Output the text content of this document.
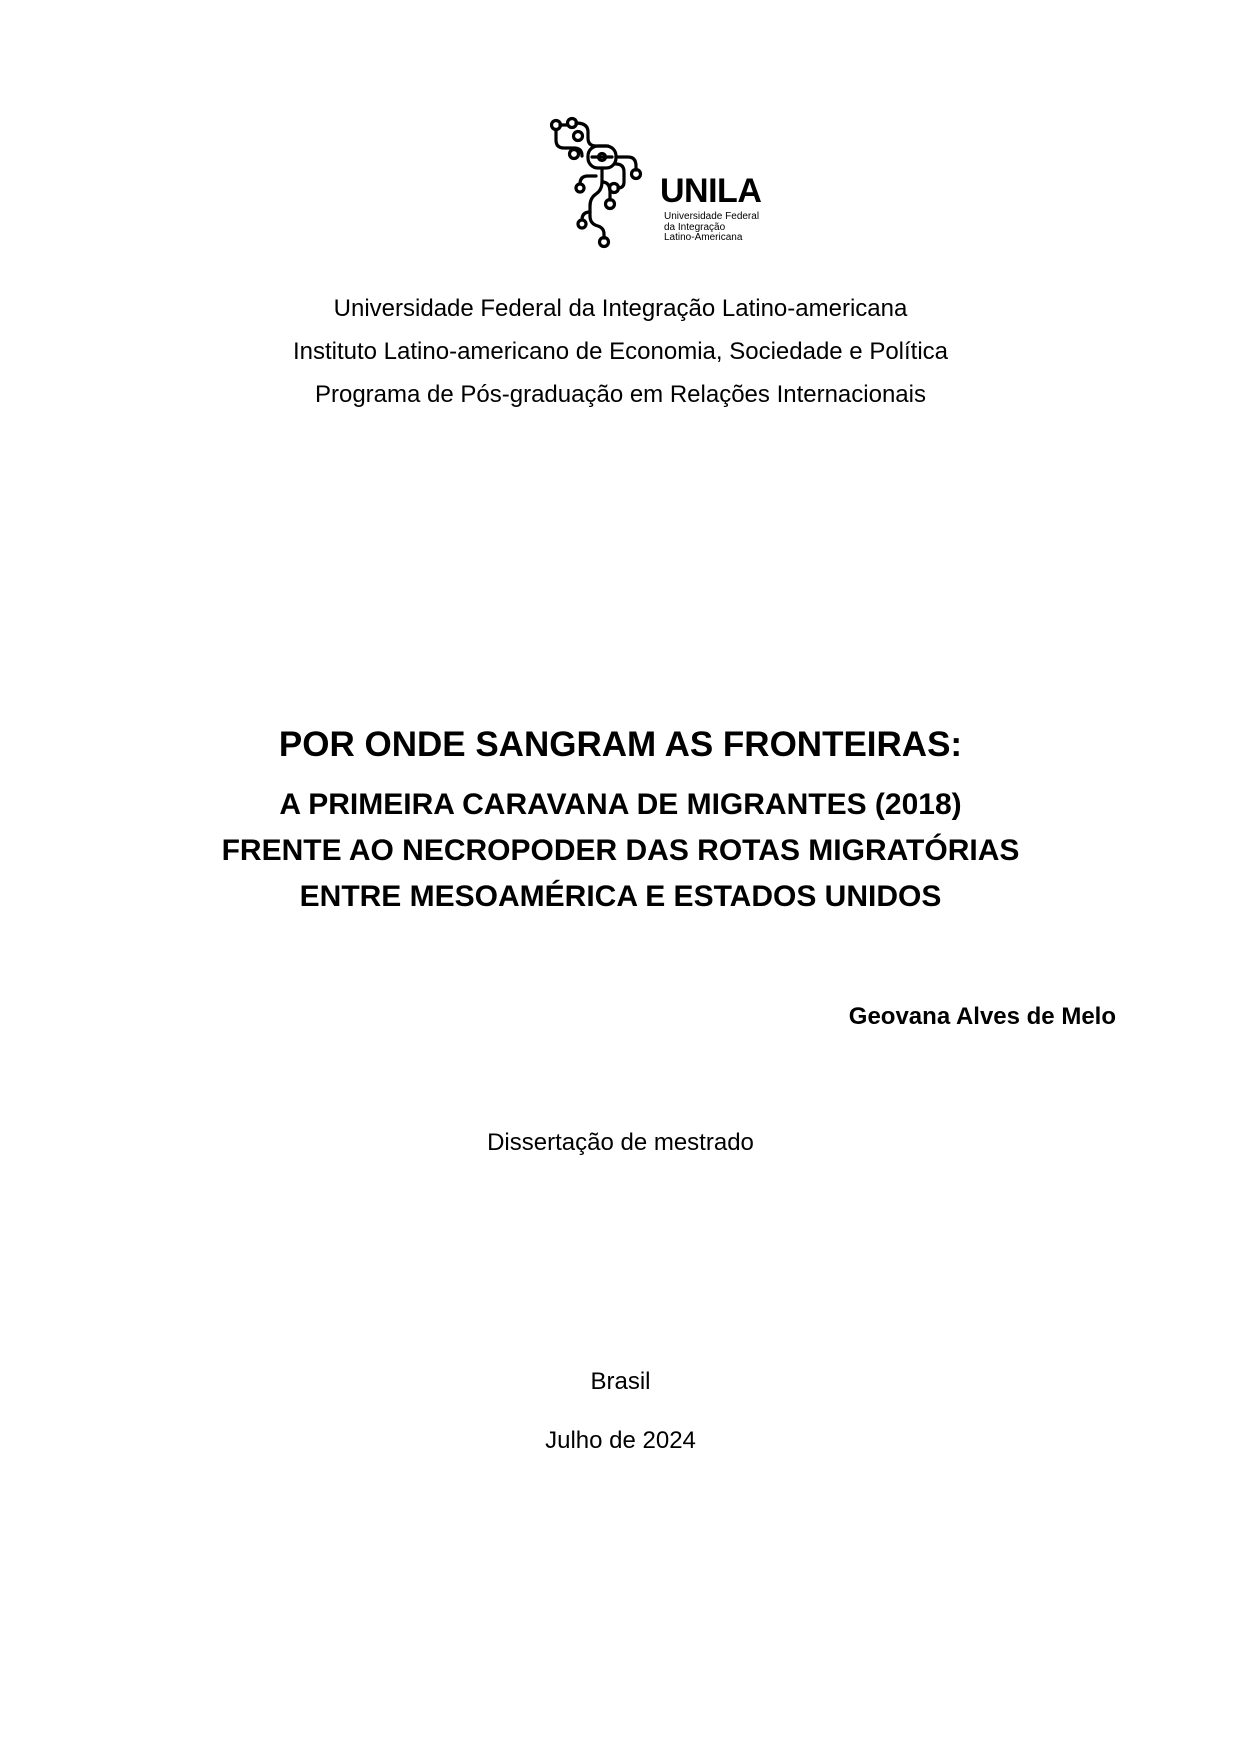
UNILA
Universidade Federal
da Integração
Latino-Americana
Universidade Federal da Integração Latino-americana
Instituto Latino-americano de Economia, Sociedade e Política
Programa de Pós-graduação em Relações Internacionais
POR ONDE SANGRAM AS FRONTEIRAS:
A PRIMEIRA CARAVANA DE MIGRANTES (2018)
FRENTE AO NECROPODER DAS ROTAS MIGRATÓRIAS
ENTRE MESOAMÉRICA E ESTADOS UNIDOS
Geovana Alves de Melo
Dissertação de mestrado
Brasil
Julho de 2024
